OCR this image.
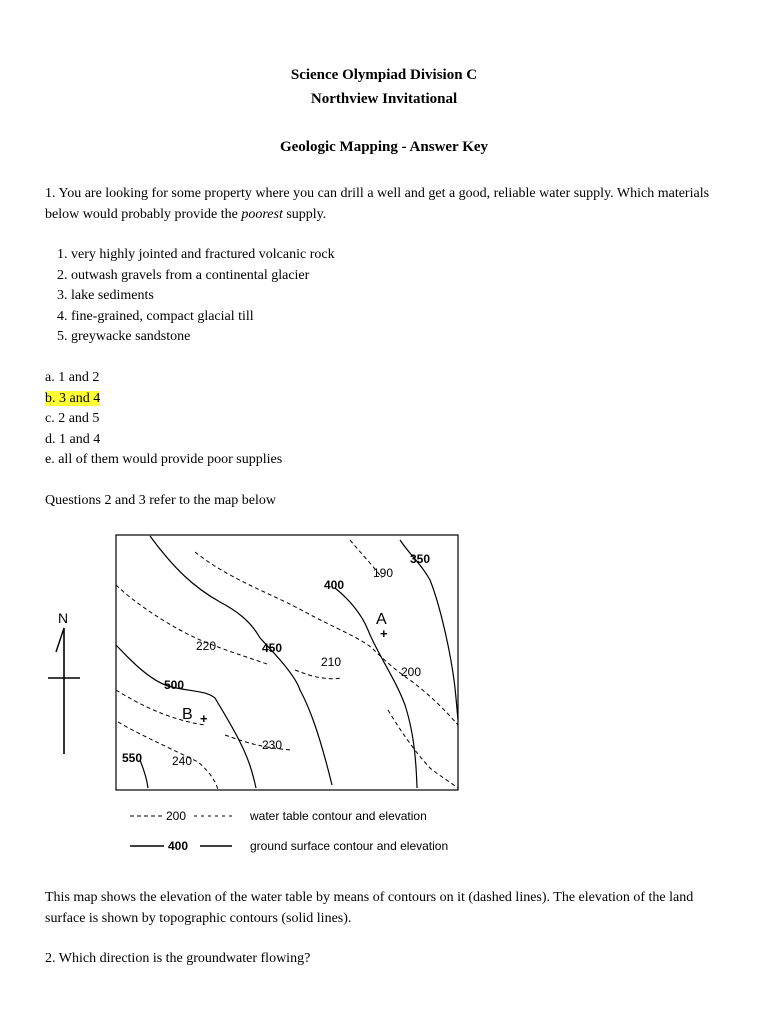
Science Olympiad Division C
Northview Invitational
Geologic Mapping - Answer Key
1. You are looking for some property where you can drill a well and get a good, reliable water supply. Which materials below would probably provide the poorest supply.
1. very highly jointed and fractured volcanic rock
2. outwash gravels from a continental glacier
3. lake sediments
4. fine-grained, compact glacial till
5. greywacke sandstone
a. 1 and 2
b. 3 and 4
c. 2 and 5
d. 1 and 4
e. all of them would provide poor supplies
Questions 2 and 3 refer to the map below
N
350
400
450
500
550
190
200
210
220
230
240
A
+
B +
200	water table contour and elevation
400	ground surface contour and elevation
This map shows the elevation of the water table by means of contours on it (dashed lines). The elevation of the land surface is shown by topographic contours (solid lines).
2. Which direction is the groundwater flowing?
